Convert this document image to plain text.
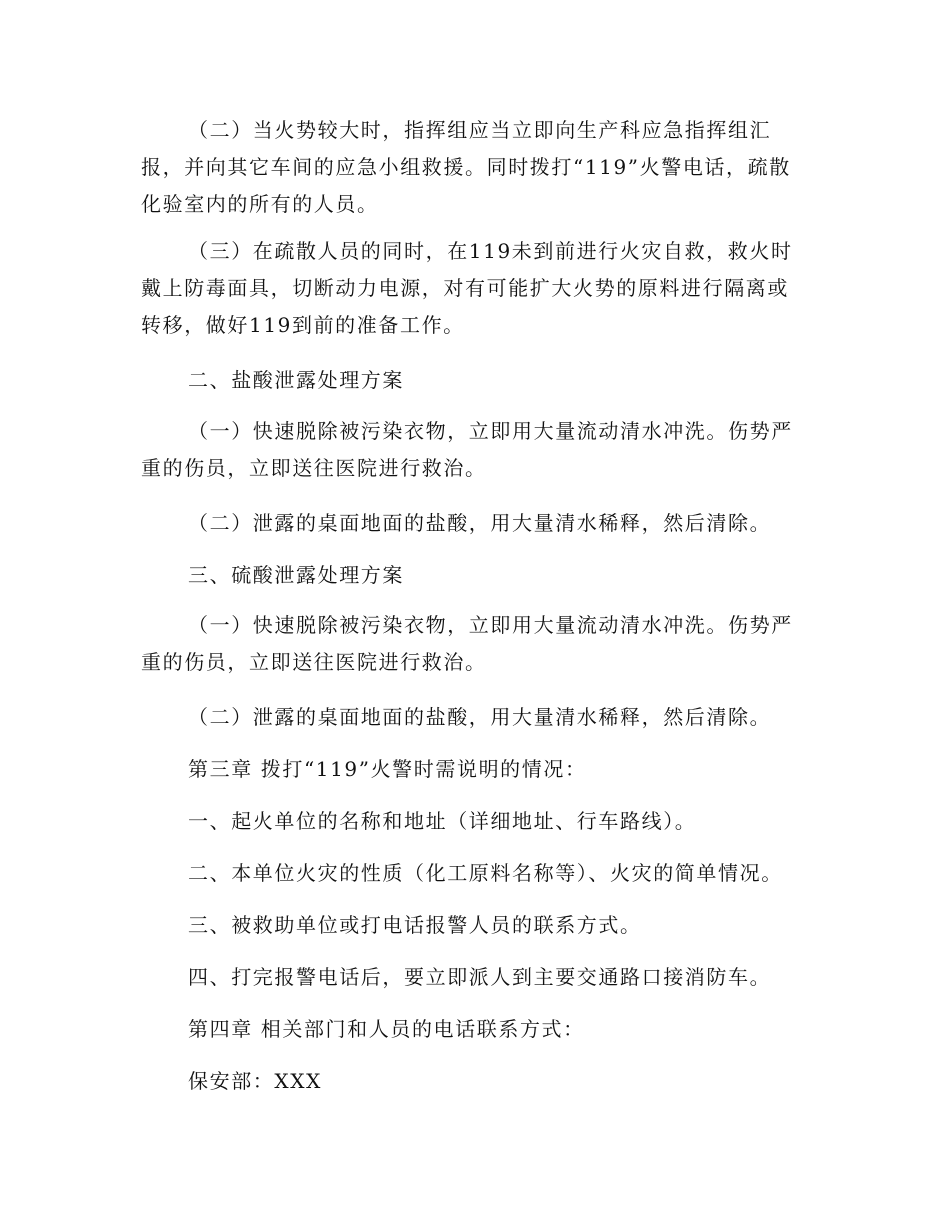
（二）当火势较大时，指挥组应当立即向生产科应急指挥组汇报，并向其它车间的应急小组救援。同时拨打“119”火警电话，疏散化验室内的所有的人员。

（三）在疏散人员的同时，在119未到前进行火灾自救，救火时戴上防毒面具，切断动力电源，对有可能扩大火势的原料进行隔离或转移，做好119到前的准备工作。

二、盐酸泄露处理方案

（一）快速脱除被污染衣物，立即用大量流动清水冲洗。伤势严重的伤员，立即送往医院进行救治。

（二）泄露的桌面地面的盐酸，用大量清水稀释，然后清除。

三、硫酸泄露处理方案

（一）快速脱除被污染衣物，立即用大量流动清水冲洗。伤势严重的伤员，立即送往医院进行救治。

（二）泄露的桌面地面的盐酸，用大量清水稀释，然后清除。

第三章 拨打“119”火警时需说明的情况：

一、起火单位的名称和地址（详细地址、行车路线）。

二、本单位火灾的性质（化工原料名称等）、火灾的简单情况。

三、被救助单位或打电话报警人员的联系方式。

四、打完报警电话后，要立即派人到主要交通路口接消防车。

第四章 相关部门和人员的电话联系方式：

保安部：XXX
